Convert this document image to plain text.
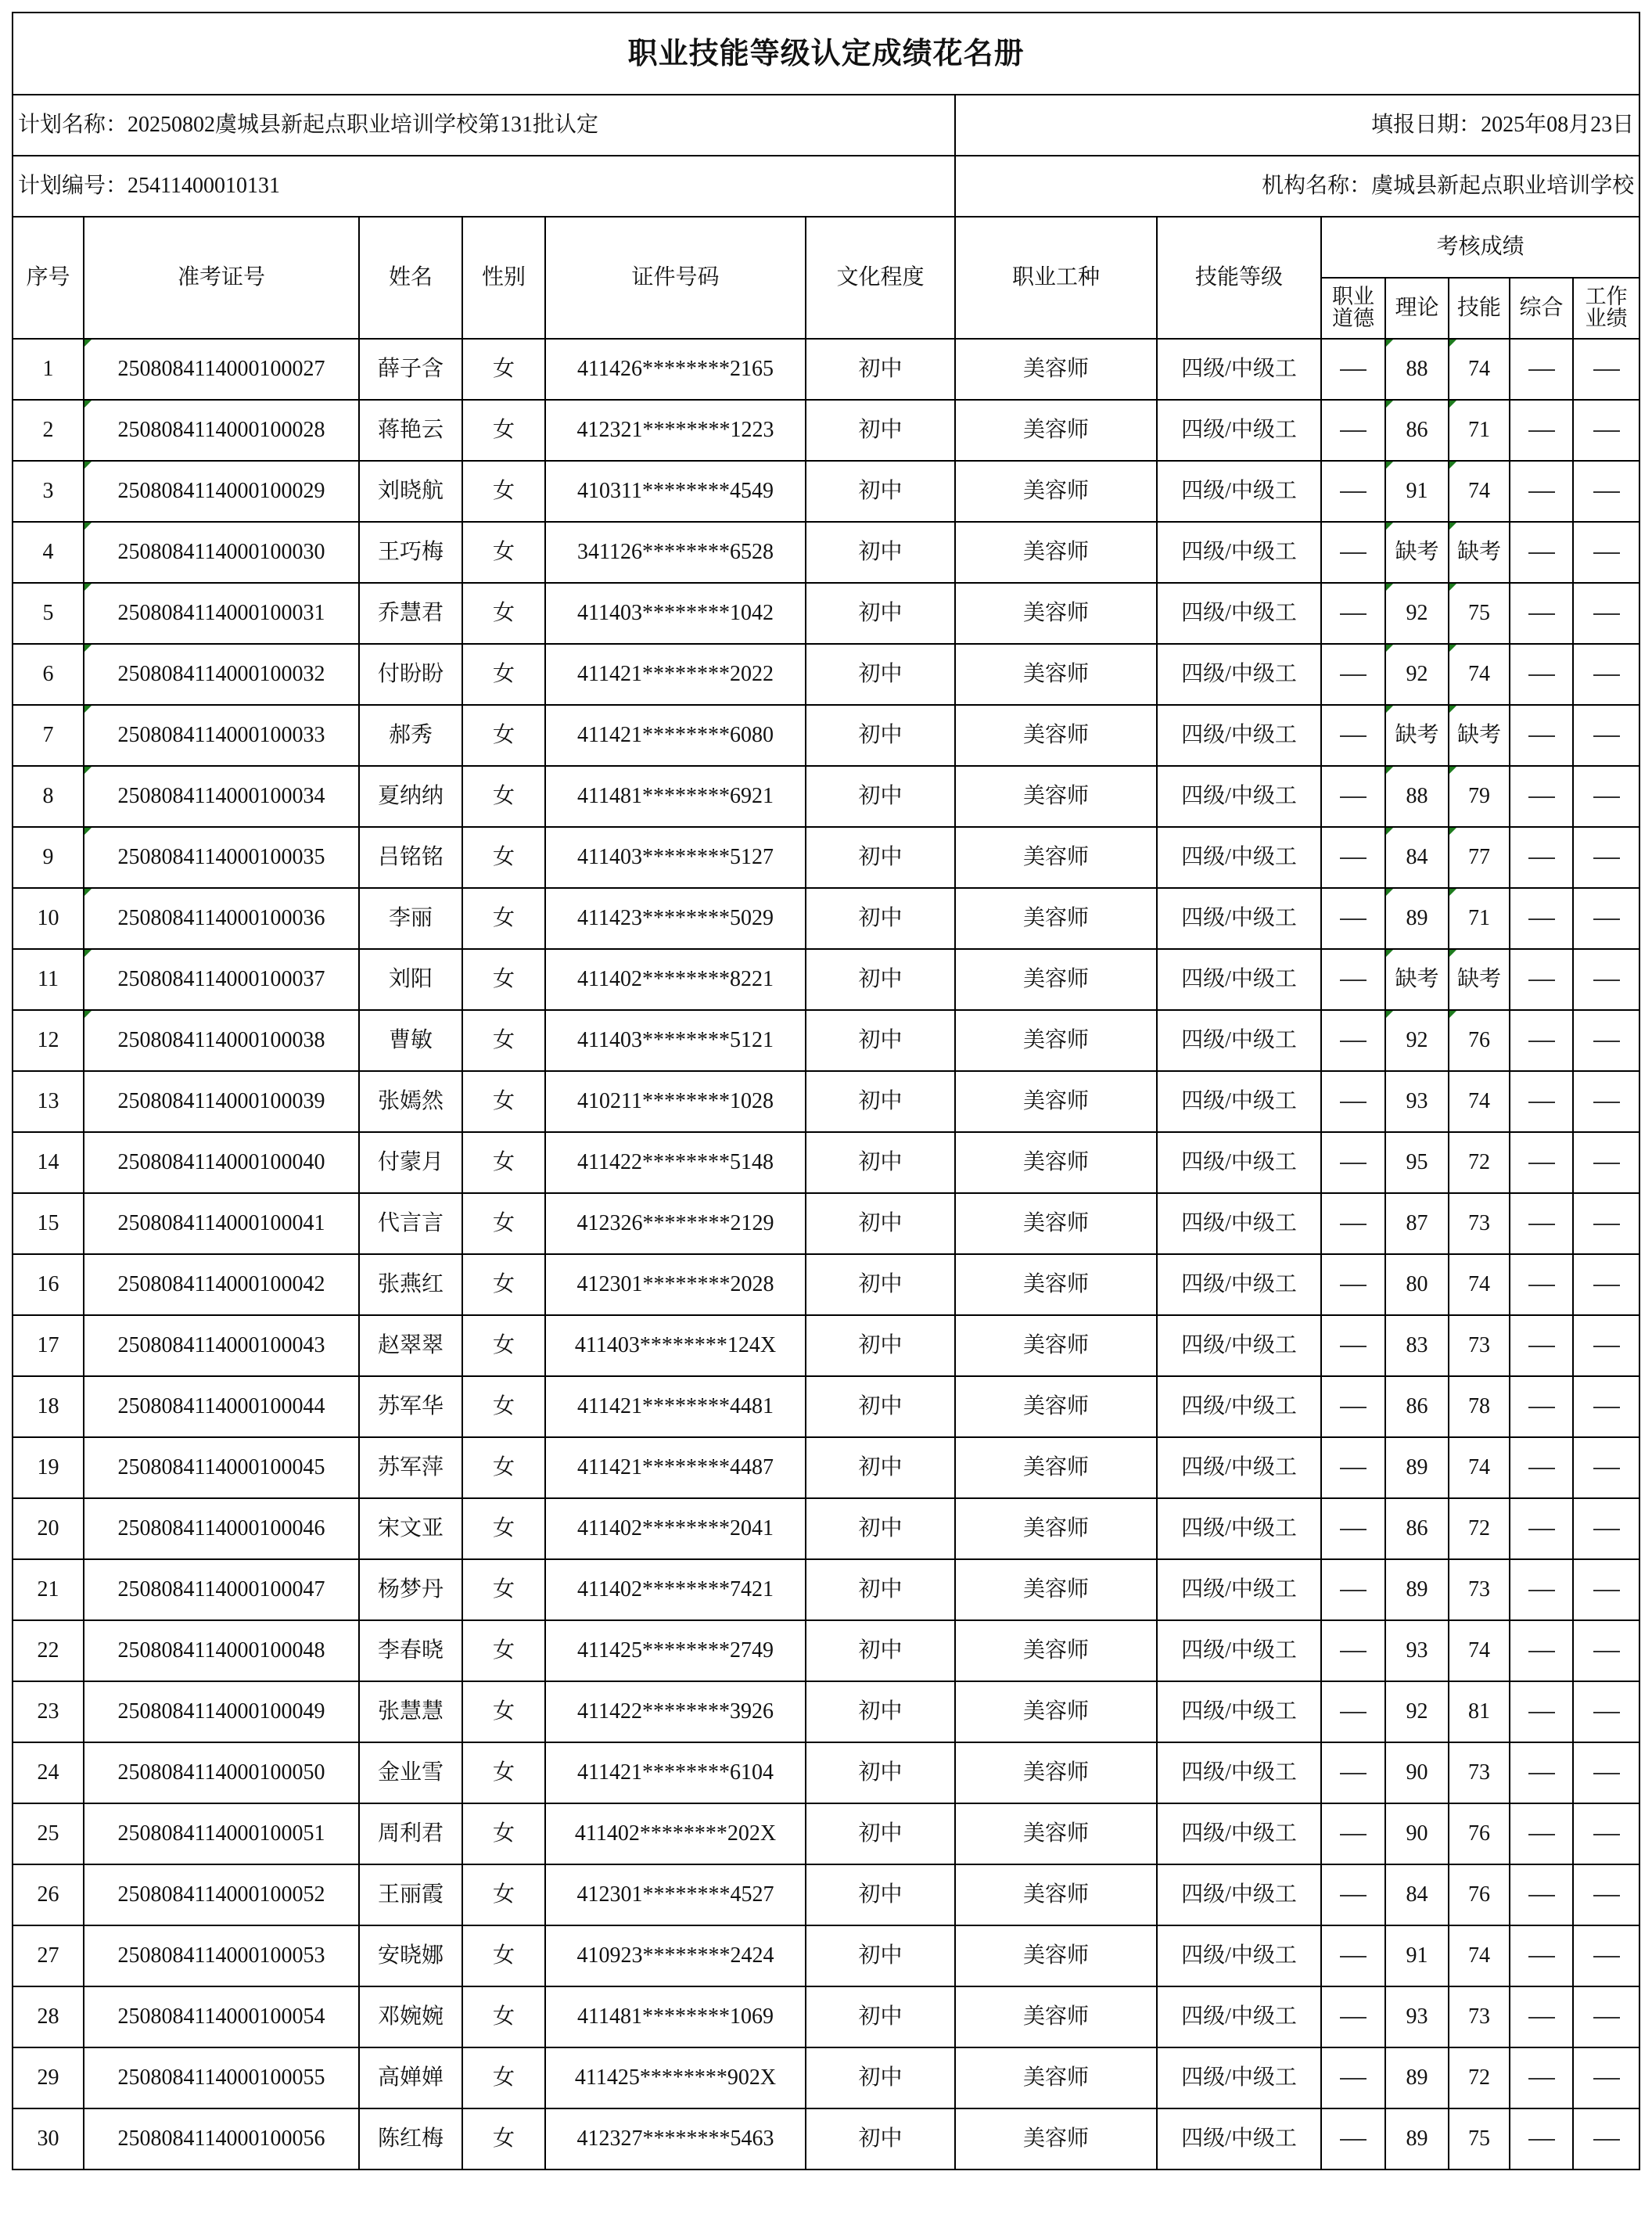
职业技能等级认定成绩花名册												
计划名称：20250802虞城县新起点职业培训学校第131批认定						填报日期：2025年08月23日						
计划编号：25411400010131						机构名称：虞城县新起点职业培训学校						
序号	准考证号	姓名	性别	证件号码	文化程度	职业工种	技能等级	考核成绩				
								职业道德	理论	技能	综合	工作业绩
1	2508084114000100027	薛子含	女	411426********2165	初中	美容师	四级/中级工		88	74		
2	2508084114000100028	蒋艳云	女	412321********1223	初中	美容师	四级/中级工		86	71		
3	2508084114000100029	刘晓航	女	410311********4549	初中	美容师	四级/中级工		91	74		
4	2508084114000100030	王巧梅	女	341126********6528	初中	美容师	四级/中级工		缺考	缺考		
5	2508084114000100031	乔慧君	女	411403********1042	初中	美容师	四级/中级工		92	75		
6	2508084114000100032	付盼盼	女	411421********2022	初中	美容师	四级/中级工		92	74		
7	2508084114000100033	郝秀	女	411421********6080	初中	美容师	四级/中级工		缺考	缺考		
8	2508084114000100034	夏纳纳	女	411481********6921	初中	美容师	四级/中级工		88	79		
9	2508084114000100035	吕铭铭	女	411403********5127	初中	美容师	四级/中级工		84	77		
10	2508084114000100036	李丽	女	411423********5029	初中	美容师	四级/中级工		89	71		
11	2508084114000100037	刘阳	女	411402********8221	初中	美容师	四级/中级工		缺考	缺考		
12	2508084114000100038	曹敏	女	411403********5121	初中	美容师	四级/中级工		92	76		
13	2508084114000100039	张嫣然	女	410211********1028	初中	美容师	四级/中级工		93	74		
14	2508084114000100040	付蒙月	女	411422********5148	初中	美容师	四级/中级工		95	72		
15	2508084114000100041	代言言	女	412326********2129	初中	美容师	四级/中级工		87	73		
16	2508084114000100042	张燕红	女	412301********2028	初中	美容师	四级/中级工		80	74		
17	2508084114000100043	赵翠翠	女	411403********124X	初中	美容师	四级/中级工		83	73		
18	2508084114000100044	苏军华	女	411421********4481	初中	美容师	四级/中级工		86	78		
19	2508084114000100045	苏军萍	女	411421********4487	初中	美容师	四级/中级工		89	74		
20	2508084114000100046	宋文亚	女	411402********2041	初中	美容师	四级/中级工		86	72		
21	2508084114000100047	杨梦丹	女	411402********7421	初中	美容师	四级/中级工		89	73		
22	2508084114000100048	李春晓	女	411425********2749	初中	美容师	四级/中级工		93	74		
23	2508084114000100049	张慧慧	女	411422********3926	初中	美容师	四级/中级工		92	81		
24	2508084114000100050	金业雪	女	411421********6104	初中	美容师	四级/中级工		90	73		
25	2508084114000100051	周利君	女	411402********202X	初中	美容师	四级/中级工		90	76		
26	2508084114000100052	王丽霞	女	412301********4527	初中	美容师	四级/中级工		84	76		
27	2508084114000100053	安晓娜	女	410923********2424	初中	美容师	四级/中级工		91	74		
28	2508084114000100054	邓婉婉	女	411481********1069	初中	美容师	四级/中级工		93	73		
29	2508084114000100055	高婵婵	女	411425********902X	初中	美容师	四级/中级工		89	72		
30	2508084114000100056	陈红梅	女	412327********5463	初中	美容师	四级/中级工		89	75		
